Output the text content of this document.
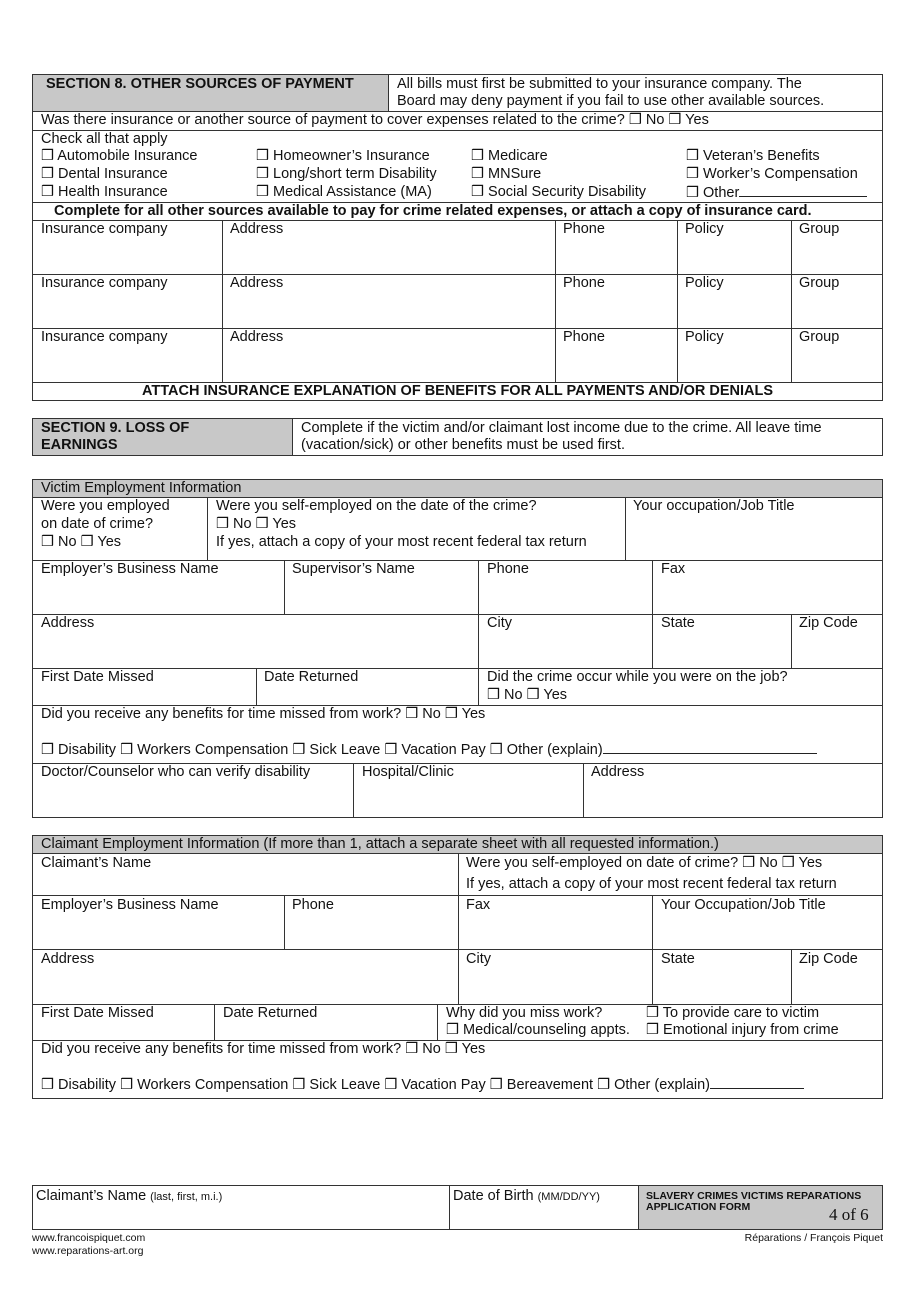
SECTION 8. OTHER SOURCES OF PAYMENT	All bills must first be submitted to your insurance company. The
Board may deny payment if you fail to use other available sources.
Was there insurance or another source of payment to cover expenses related to the crime? ❒ No ❒ Yes
Check all that apply
❒ Automobile Insurance	❒ Homeowner’s Insurance	❒ Medicare	❒ Veteran’s Benefits
❒ Dental Insurance	❒ Long/short term Disability ❒ MNSure	❒ Worker’s Compensation
❒ Health Insurance	❒ Medical Assistance (MA)	❒ Social Security Disability	❒ Other
Complete for all other sources available to pay for crime related expenses, or attach a copy of insurance card.
Insurance company	Address	Phone	Policy	Group
Insurance company	Address	Phone	Policy	Group
Insurance company	Address	Phone	Policy	Group
ATTACH INSURANCE EXPLANATION OF BENEFITS FOR ALL PAYMENTS AND/OR DENIALS
SECTION 9. LOSS OF
EARNINGS
Complete if the victim and/or claimant lost income due to the crime. All leave time
(vacation/sick) or other benefits must be used first.
Victim Employment Information
Were you employed
on date of crime?
❒ No ❒ Yes
Were you self-employed on the date of the crime?
❒ No ❒ Yes
If yes, attach a copy of your most recent federal tax return
Your occupation/Job Title
Employer’s Business Name	Supervisor’s Name	Phone	Fax
Address	City	State	Zip Code
First Date Missed	Date Returned	Did the crime occur while you were on the job?
❒ No ❒ Yes
Did you receive any benefits for time missed from work? ❒ No ❒ Yes
❒ Disability ❒ Workers Compensation ❒ Sick Leave ❒ Vacation Pay ❒ Other (explain)
Doctor/Counselor who can verify disability	Hospital/Clinic	Address
Claimant Employment Information (If more than 1, attach a separate sheet with all requested information.)
Claimant’s Name	Were you self-employed on date of crime? ❒ No ❒ Yes
If yes, attach a copy of your most recent federal tax return
Employer’s Business Name	Phone	Fax	Your Occupation/Job Title
Address	City	State	Zip Code
First Date Missed	Date Returned	Why did you miss work?	❒ To provide care to victim
❒ Medical/counseling appts. ❒ Emotional injury from crime
Did you receive any benefits for time missed from work? ❒ No ❒ Yes
❒ Disability ❒ Workers Compensation ❒ Sick Leave ❒ Vacation Pay ❒ Bereavement ❒ Other (explain)
Claimant’s Name (last, first, m.i.)	Date of Birth (MM/DD/YY)	SLAVERY CRIMES VICTIMS REPARATIONS
APPLICATION FORM	4 of 6
www.francoispiquet.com
www.reparations-art.org
Réparations / François Piquet
